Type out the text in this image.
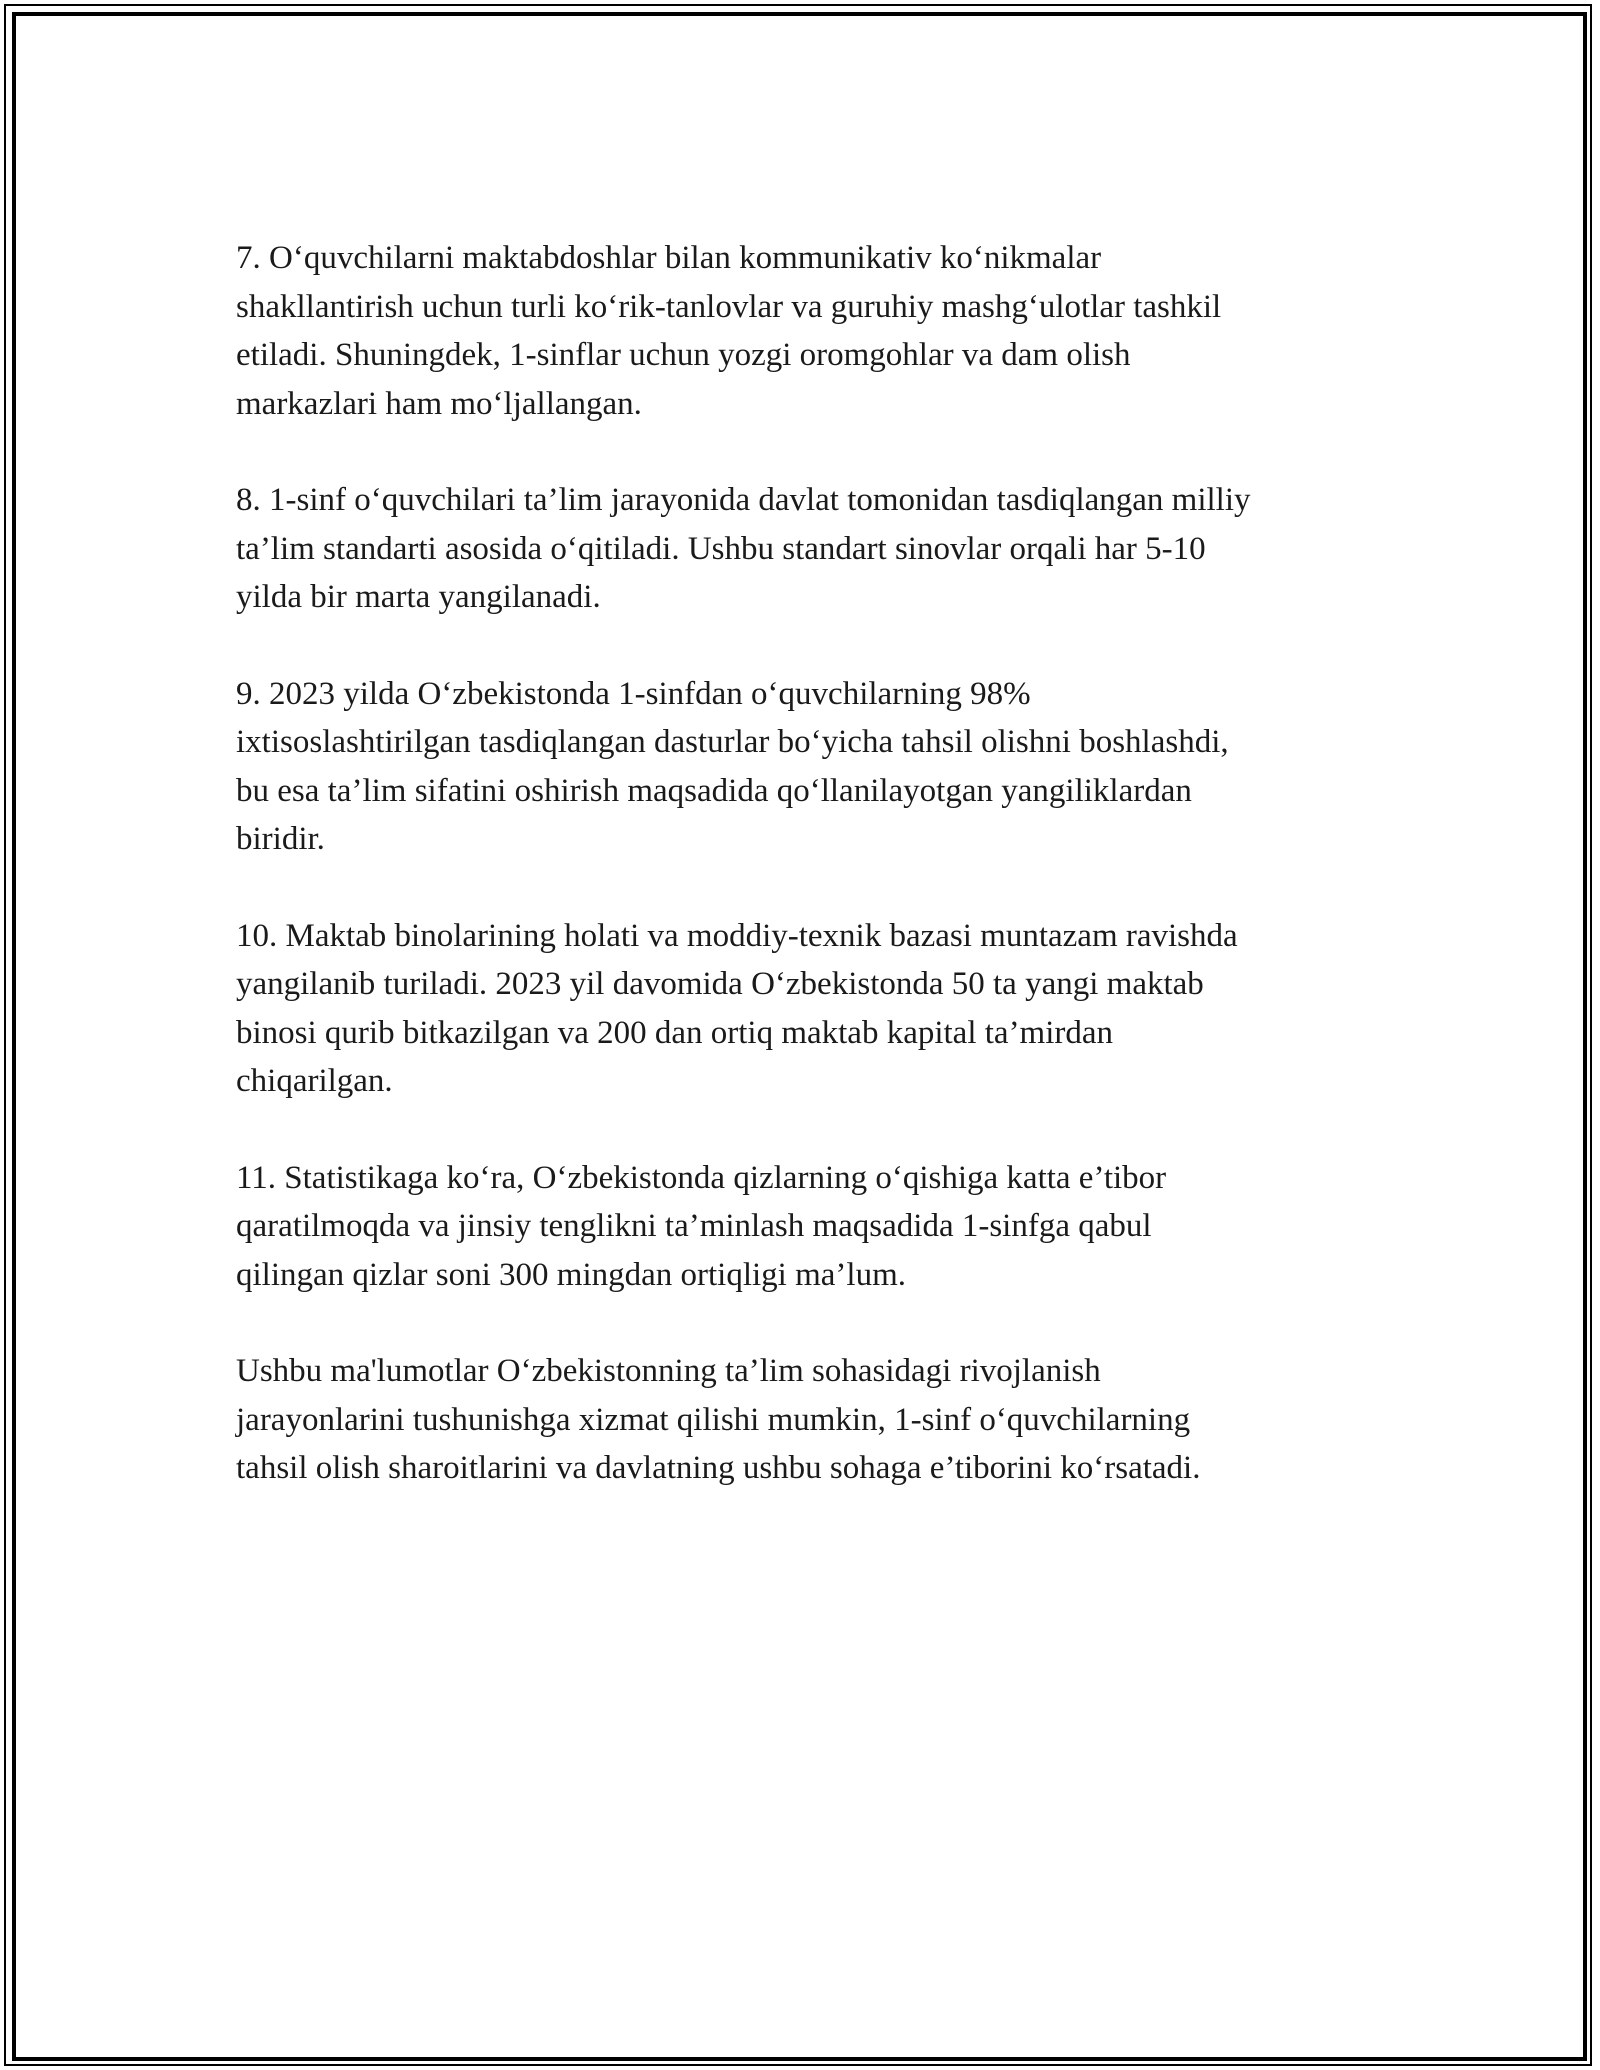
7. O‘quvchilarni maktabdoshlar bilan kommunikativ ko‘nikmalar
shakllantirish uchun turli ko‘rik-tanlovlar va guruhiy mashg‘ulotlar tashkil
etiladi. Shuningdek, 1-sinflar uchun yozgi oromgohlar va dam olish
markazlari ham mo‘ljallangan.

8. 1-sinf o‘quvchilari ta’lim jarayonida davlat tomonidan tasdiqlangan milliy
ta’lim standarti asosida o‘qitiladi. Ushbu standart sinovlar orqali har 5-10
yilda bir marta yangilanadi.

9. 2023 yilda O‘zbekistonda 1-sinfdan o‘quvchilarning 98%
ixtisoslashtirilgan tasdiqlangan dasturlar bo‘yicha tahsil olishni boshlashdi,
bu esa ta’lim sifatini oshirish maqsadida qo‘llanilayotgan yangiliklardan
biridir.

10. Maktab binolarining holati va moddiy-texnik bazasi muntazam ravishda
yangilanib turiladi. 2023 yil davomida O‘zbekistonda 50 ta yangi maktab
binosi qurib bitkazilgan va 200 dan ortiq maktab kapital ta’mirdan
chiqarilgan.

11. Statistikaga ko‘ra, O‘zbekistonda qizlarning o‘qishiga katta e’tibor
qaratilmoqda va jinsiy tenglikni ta’minlash maqsadida 1-sinfga qabul
qilingan qizlar soni 300 mingdan ortiqligi ma’lum.

Ushbu ma'lumotlar O‘zbekistonning ta’lim sohasidagi rivojlanish
jarayonlarini tushunishga xizmat qilishi mumkin, 1-sinf o‘quvchilarning
tahsil olish sharoitlarini va davlatning ushbu sohaga e’tiborini ko‘rsatadi.
